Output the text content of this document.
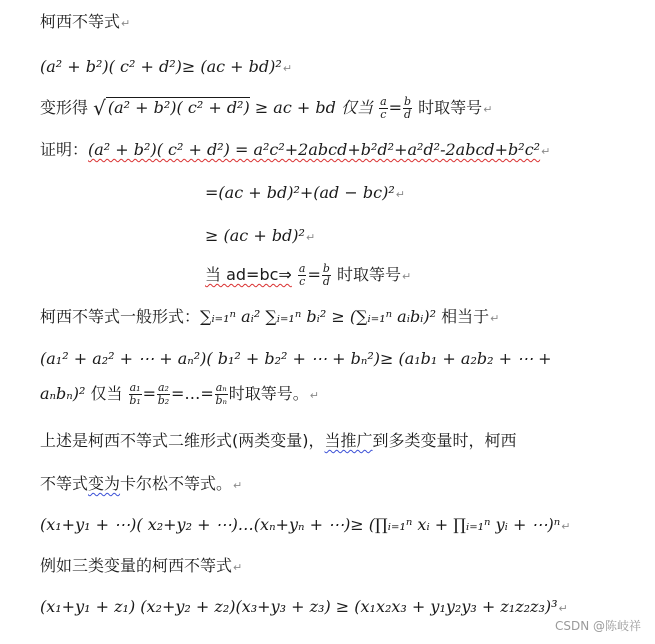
柯西不等式↵
(a² + b²)( c² + d²)≥ (ac + bd)²↵
变形得 √ (a² + b²)( c² + d²) ≥ ac + bd 仅当 $\frac{a}{c} = \frac{b}{d}$ 时取等号↵
证明：(a² + b²)( c² + d²) = a²c²+2abcd+b²d²+a²d²-2abcd+b²c²↵
=(ac + bd)²+(ad − bc)²↵
≥ (ac + bd)²↵
当 ad=bc⇒ $\frac{a}{c} = \frac{b}{d}$ 时取等号↵
柯西不等式一般形式：∑ᵢ₌₁ⁿ aᵢ² ∑ᵢ₌₁ⁿ bᵢ² ≥ (∑ᵢ₌₁ⁿ aᵢbᵢ)² 相当于↵
(a₁² + a₂² + ⋯ + aₙ²)( b₁² + b₂² + ⋯ + bₙ²)≥ (a₁b₁ + a₂b₂ + ⋯ +
aₙbₙ)² 仅当 $\frac{\text{a₁}}{\text{b₁}} = \frac{\text{a₂}}{\text{b₂}}$ =…= $\frac{\text{aₙ}}{\text{bₙ}}$ 时取等号。↵
上述是柯西不等式二维形式(两类变量)，当推广到多类变量时，柯西
不等式变为卡尔松不等式。↵
(x₁+y₁ + ⋯)( x₂+y₂ + ⋯)…(xₙ+yₙ + ⋯)≥ (∏ᵢ₌₁ⁿ xᵢ + ∏ᵢ₌₁ⁿ yᵢ + ⋯)ⁿ↵
例如三类变量的柯西不等式↵
(x₁+y₁ + z₁) (x₂+y₂ + z₂)(x₃+y₃ + z₃) ≥ (x₁x₂x₃ + y₁y₂y₃ + z₁z₂z₃)³↵
CSDN @陈岐祥
